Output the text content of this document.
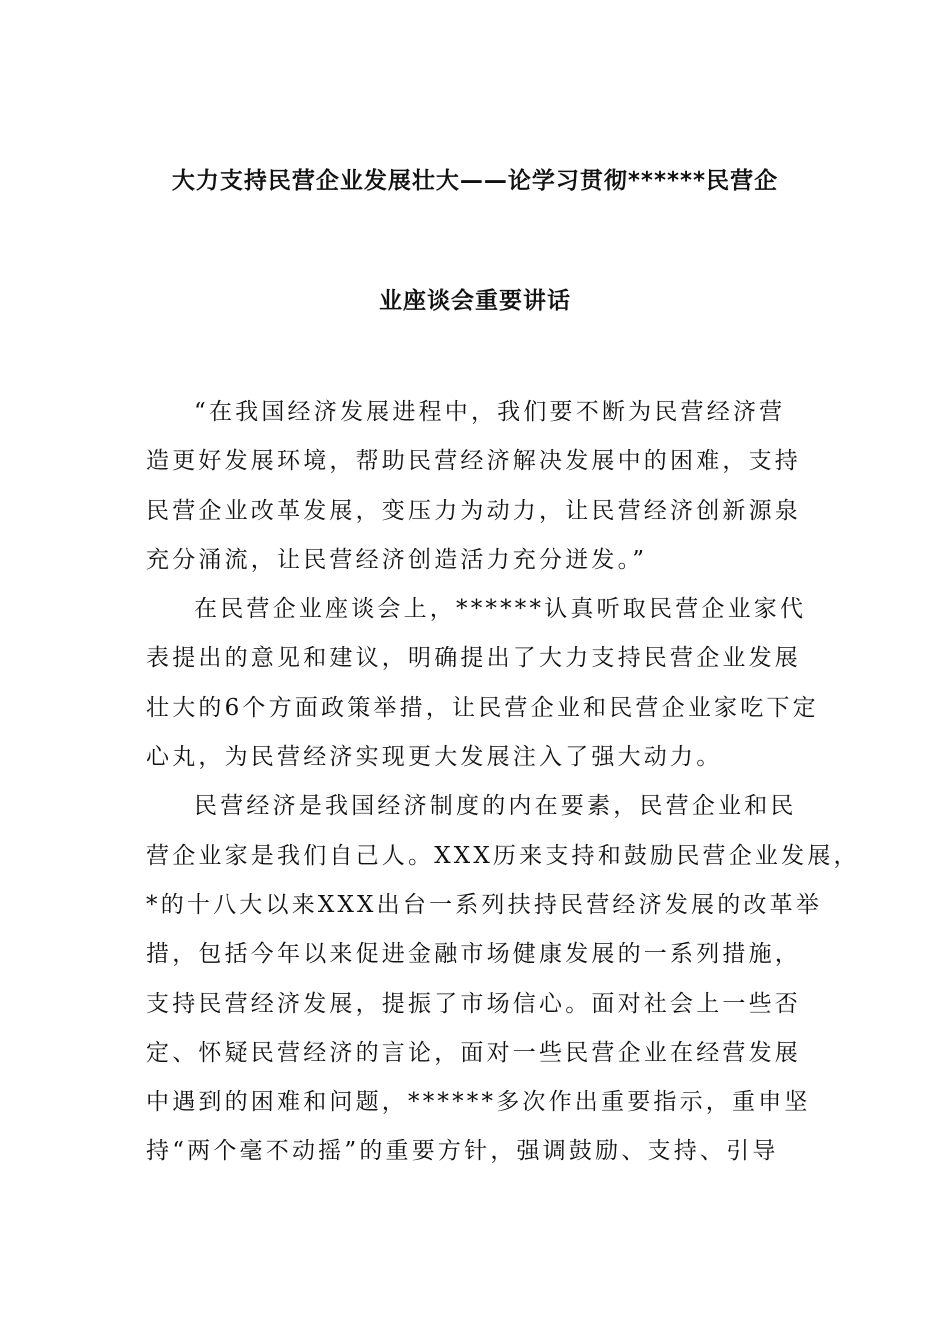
大力支持民营企业发展壮大——论学习贯彻******民营企
业座谈会重要讲话
“在我国经济发展进程中，我们要不断为民营经济营
造更好发展环境，帮助民营经济解决发展中的困难，支持
民营企业改革发展，变压力为动力，让民营经济创新源泉
充分涌流，让民营经济创造活力充分迸发。”
在民营企业座谈会上，******认真听取民营企业家代
表提出的意见和建议，明确提出了大力支持民营企业发展
壮大的6个方面政策举措，让民营企业和民营企业家吃下定
心丸，为民营经济实现更大发展注入了强大动力。
民营经济是我国经济制度的内在要素，民营企业和民
营企业家是我们自己人。XXX历来支持和鼓励民营企业发展，
*的十八大以来XXX出台一系列扶持民营经济发展的改革举
措，包括今年以来促进金融市场健康发展的一系列措施，
支持民营经济发展，提振了市场信心。面对社会上一些否
定、怀疑民营经济的言论，面对一些民营企业在经营发展
中遇到的困难和问题，******多次作出重要指示，重申坚
持“两个毫不动摇”的重要方针，强调鼓励、支持、引导
